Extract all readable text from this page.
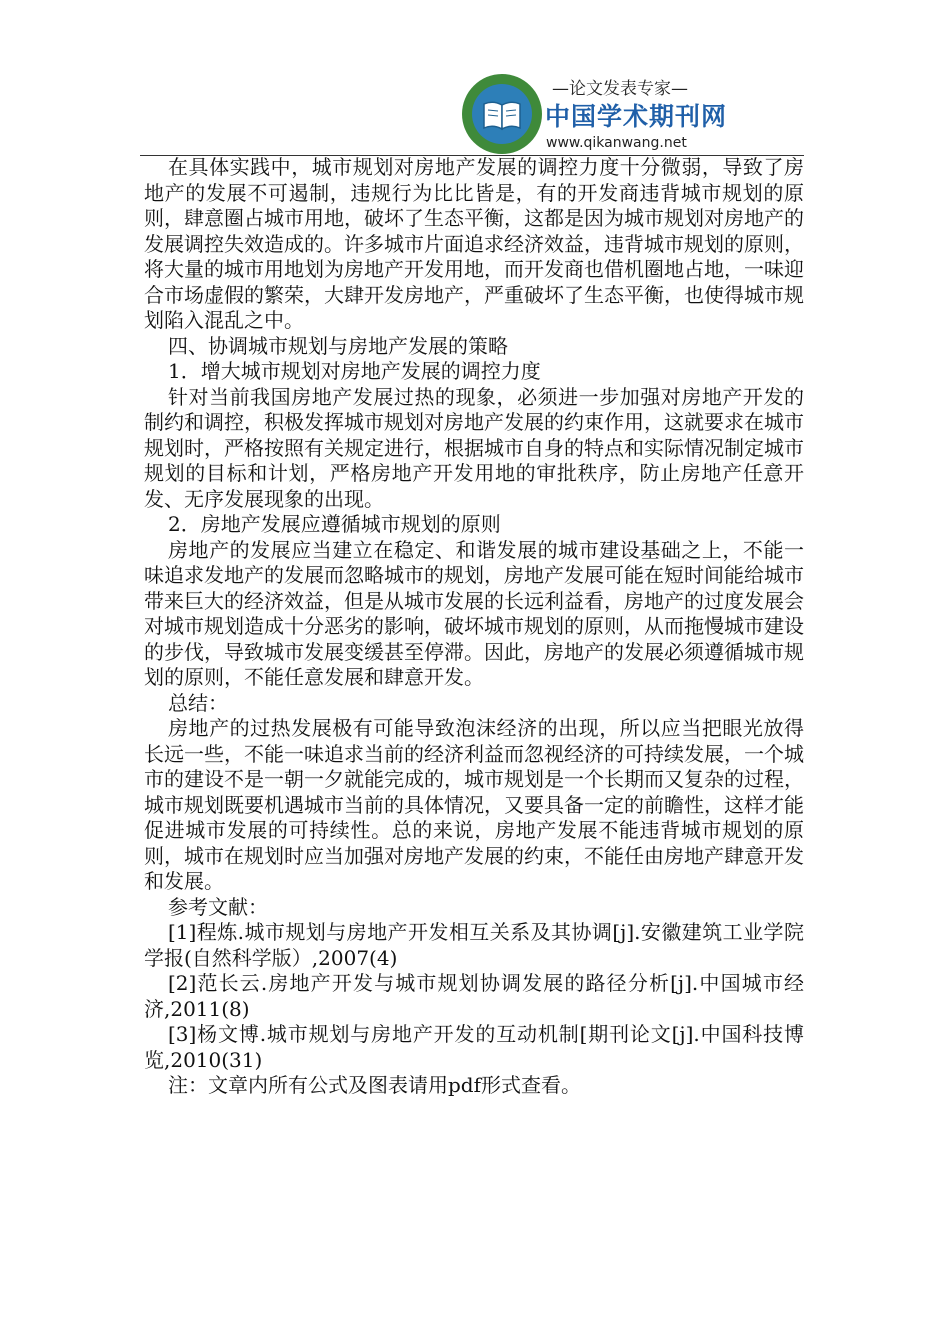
—论文发表专家—
中国学术期刊网
www.qikanwang.net

在具体实践中，城市规划对房地产发展的调控力度十分微弱，导致了房地产的发展不可遏制，违规行为比比皆是，有的开发商违背城市规划的原则，肆意圈占城市用地，破坏了生态平衡，这都是因为城市规划对房地产的发展调控失效造成的。许多城市片面追求经济效益，违背城市规划的原则，将大量的城市用地划为房地产开发用地，而开发商也借机圈地占地，一味迎合市场虚假的繁荣，大肆开发房地产，严重破坏了生态平衡，也使得城市规划陷入混乱之中。

四、协调城市规划与房地产发展的策略

1．增大城市规划对房地产发展的调控力度

针对当前我国房地产发展过热的现象，必须进一步加强对房地产开发的制约和调控，积极发挥城市规划对房地产发展的约束作用，这就要求在城市规划时，严格按照有关规定进行，根据城市自身的特点和实际情况制定城市规划的目标和计划，严格房地产开发用地的审批秩序，防止房地产任意开发、无序发展现象的出现。

2．房地产发展应遵循城市规划的原则

房地产的发展应当建立在稳定、和谐发展的城市建设基础之上，不能一味追求发地产的发展而忽略城市的规划，房地产发展可能在短时间能给城市带来巨大的经济效益，但是从城市发展的长远利益看，房地产的过度发展会对城市规划造成十分恶劣的影响，破坏城市规划的原则，从而拖慢城市建设的步伐，导致城市发展变缓甚至停滞。因此，房地产的发展必须遵循城市规划的原则，不能任意发展和肆意开发。

总结：

房地产的过热发展极有可能导致泡沫经济的出现，所以应当把眼光放得长远一些，不能一味追求当前的经济利益而忽视经济的可持续发展，一个城市的建设不是一朝一夕就能完成的，城市规划是一个长期而又复杂的过程，城市规划既要机遇城市当前的具体情况，又要具备一定的前瞻性，这样才能促进城市发展的可持续性。总的来说，房地产发展不能违背城市规划的原则，城市在规划时应当加强对房地产发展的约束，不能任由房地产肆意开发和发展。

参考文献：

[1]程炼.城市规划与房地产开发相互关系及其协调[j].安徽建筑工业学院学报(自然科学版）,2007(4)

[2]范长云.房地产开发与城市规划协调发展的路径分析[j].中国城市经济,2011(8)

[3]杨文博.城市规划与房地产开发的互动机制[期刊论文[j].中国科技博览,2010(31)

注：文章内所有公式及图表请用pdf形式查看。
